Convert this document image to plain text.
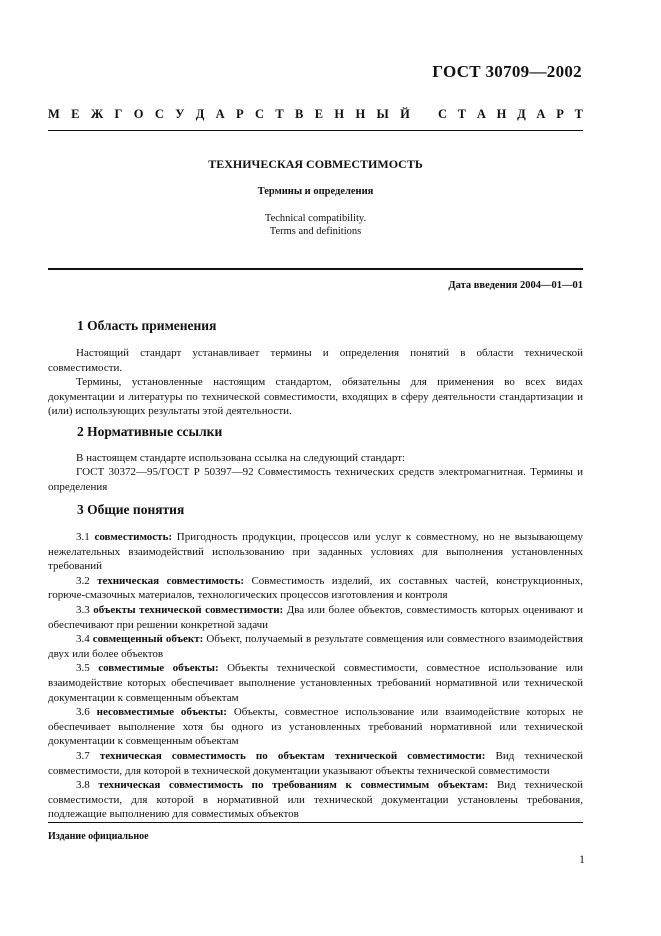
ГОСТ 30709—2002
М Е Ж Г О С У Д А Р С Т В Е Н Н Ы Й С Т А Н Д А Р Т
ТЕХНИЧЕСКАЯ СОВМЕСТИМОСТЬ
Термины и определения
Technical compatibility.
Terms and definitions
Дата введения 2004—01—01
1 Область применения
Настоящий стандарт устанавливает термины и определения понятий в области технической совместимости.
Термины, установленные настоящим стандартом, обязательны для применения во всех видах документации и литературы по технической совместимости, входящих в сферу деятельности стандартизации и (или) использующих результаты этой деятельности.
2 Нормативные ссылки
В настоящем стандарте использована ссылка на следующий стандарт:
ГОСТ 30372—95/ГОСТ Р 50397—92 Совместимость технических средств электромагнитная. Термины и определения
3 Общие понятия

3.1 совместимость: Пригодность продукции, процессов или услуг к совместному, но не вызывающему нежелательных взаимодействий использованию при заданных условиях для выполнения установленных требований

3.2 техническая совместимость: Совместимость изделий, их составных частей, конструкционных, горюче-смазочных материалов, технологических процессов изготовления и контроля

3.3 объекты технической совместимости: Два или более объектов, совместимость которых оценивают и обеспечивают при решении конкретной задачи

3.4 совмещенный объект: Объект, получаемый в результате совмещения или совместного взаимодействия двух или более объектов

3.5 совместимые объекты: Объекты технической совместимости, совместное использование или взаимодействие которых обеспечивает выполнение установленных требований нормативной или технической документации к совмещенным объектам

3.6 несовместимые объекты: Объекты, совместное использование или взаимодействие которых не обеспечивает выполнение хотя бы одного из установленных требований нормативной или технической документации к совмещенным объектам

3.7 техническая совместимость по объектам технической совместимости: Вид технической совместимости, для которой в технической документации указывают объекты технической совместимости

3.8 техническая совместимость по требованиям к совместимым объектам: Вид технической совместимости, для которой в нормативной или технической документации установлены требования, подлежащие выполнению для совместимых объектов

Издание официальное
1
